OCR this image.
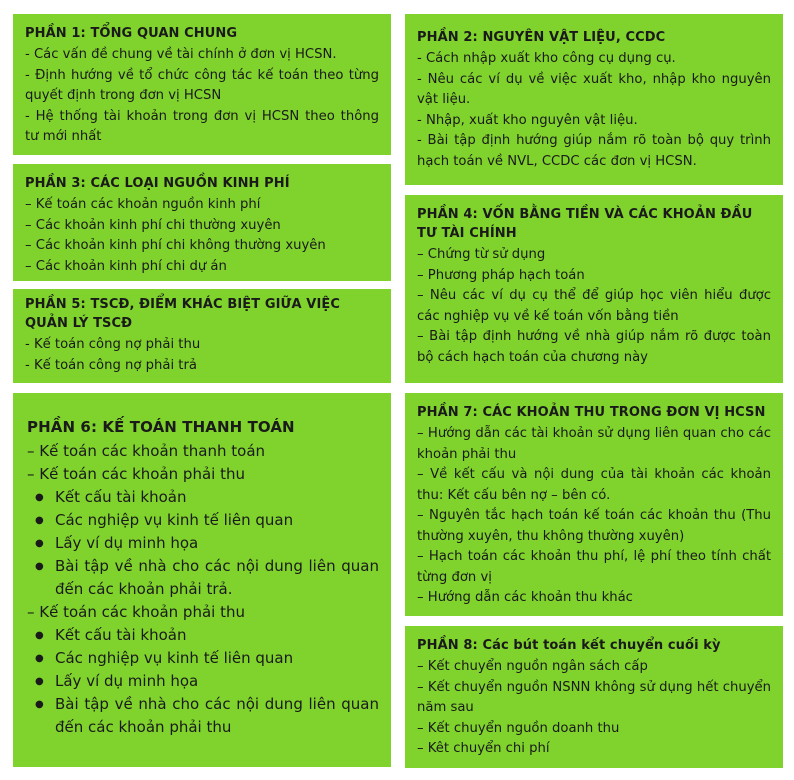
PHẦN 1: TỔNG QUAN CHUNG

- Các vấn đề chung về tài chính ở đơn vị HCSN.

- Định hướng về tổ chức công tác kế toán theo từng quyết định trong đơn vị HCSN

- Hệ thống tài khoản trong đơn vị HCSN theo thông tư mới nhất

PHẦN 2: NGUYÊN VẬT LIỆU, CCDC

- Cách nhập xuất kho công cụ dụng cụ.

- Nêu các ví dụ về việc xuất kho, nhập kho nguyên vật liệu.

- Nhập, xuất kho nguyên vật liệu.

- Bài tập định hướng giúp nắm rõ toàn bộ quy trình hạch toán về NVL, CCDC các đơn vị HCSN.

PHẦN 3: CÁC LOẠI NGUỒN KINH PHÍ

– Kế toán các khoản nguồn kinh phí

– Các khoản kinh phí chi thường xuyên

– Các khoản kinh phí chi không thường xuyên

– Các khoản kinh phí chi dự án

PHẦN 4: VỐN BẰNG TIỀN VÀ CÁC KHOẢN ĐẦU TƯ TÀI CHÍNH

– Chứng từ sử dụng

– Phương pháp hạch toán

– Nêu các ví dụ cụ thể để giúp học viên hiểu được các nghiệp vụ về kế toán vốn bằng tiền

– Bài tập định hướng về nhà giúp nắm rõ được toàn bộ cách hạch toán của chương này

PHẦN 5: TSCĐ, ĐIỂM KHÁC BIỆT GIỮA VIỆC QUẢN LÝ TSCĐ

- Kế toán công nợ phải thu

- Kế toán công nợ phải trả

PHẦN 6: KẾ TOÁN THANH TOÁN

– Kế toán các khoản thanh toán

– Kế toán các khoản phải thu

● Kết cấu tài khoản
● Các nghiệp vụ kinh tế liên quan
● Lấy ví dụ minh họa
● Bài tập về nhà cho các nội dung liên quan đến các khoản phải trả.

– Kế toán các khoản phải thu

● Kết cấu tài khoản
● Các nghiệp vụ kinh tế liên quan
● Lấy ví dụ minh họa
● Bài tập về nhà cho các nội dung liên quan đến các khoản phải thu
PHẦN 7: CÁC KHOẢN THU TRONG ĐƠN VỊ HCSN

– Hướng dẫn các tài khoản sử dụng liên quan cho các khoản phải thu

– Về kết cấu và nội dung của tài khoản các khoản thu: Kết cấu bên nợ – bên có.

– Nguyên tắc hạch toán kế toán các khoản thu (Thu thường xuyên, thu không thường xuyên)

– Hạch toán các khoản thu phí, lệ phí theo tính chất từng đơn vị

– Hướng dẫn các khoản thu khác

PHẦN 8: Các bút toán kết chuyển cuối kỳ

– Kết chuyển nguồn ngân sách cấp

– Kết chuyển nguồn NSNN không sử dụng hết chuyển năm sau

– Kết chuyển nguồn doanh thu

– Kêt chuyển chi phí
